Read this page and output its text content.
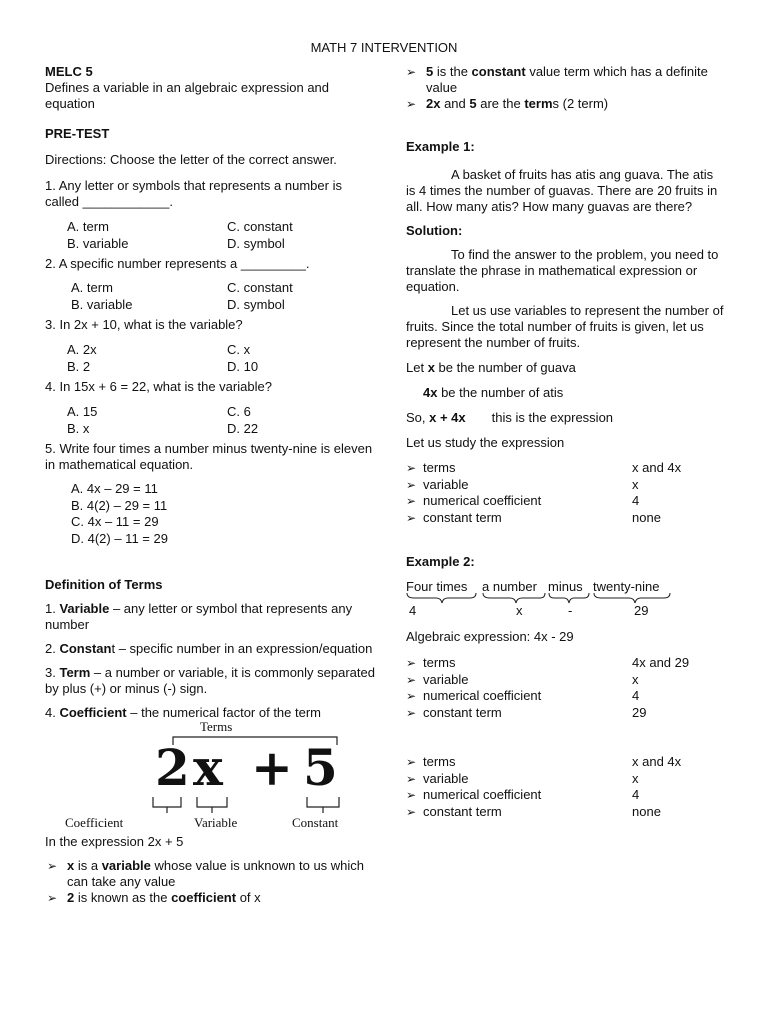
MATH 7 INTERVENTION

MELC 5

Defines a variable in an algebraic expression and equation

PRE-TEST

Directions: Choose the letter of the correct answer.

1. Any letter or symbols that represents a number is called ____________.

A. term	C. constant
B. variable	D. symbol

2. A specific number represents a _________.

A. term	C. constant
B. variable	D. symbol

3. In 2x + 10, what is the variable?

A. 2x	C. x
B. 2	D. 10

4. In 15x + 6 = 22, what is the variable?

A. 15	C. 6
B. x	D. 22

5. Write four times a number minus twenty-nine is eleven in mathematical equation.

A. 4x – 29 = 11
B. 4(2) – 29 = 11
C. 4x – 11 = 29
D. 4(2) – 11 = 29

Definition of Terms

1. Variable – any letter or symbol that represents any number

2. Constant – specific number in an expression/equation

3. Term – a number or variable, it is commonly separated by plus (+) or minus (-) sign.

4. Coefficient – the numerical factor of the term

Terms
2 x + 5
Coefficient	Variable	Constant

In the expression 2x + 5

➢ x is a variable whose value is unknown to us which can take any value

➢ 2 is known as the coefficient of x

➢ 5 is the constant value term which has a definite value

➢ 2x and 5 are the terms (2 term)

Example 1:

A basket of fruits has atis ang guava. The atis is 4 times the number of guavas. There are 20 fruits in all. How many atis? How many guavas are there?

Solution:

To find the answer to the problem, you need to translate the phrase in mathematical expression or equation.

Let us use variables to represent the number of fruits. Since the total number of fruits is given, let us represent the number of fruits.

Let x be the number of guava

4x be the number of atis

So, x + 4x this is the expression

Let us study the expression

➢ terms	x and 4x
➢ variable	x
➢ numerical coefficient	4
➢ constant term	none

Example 2:

Four times a number minus twenty-nine
4	x	-	29

Algebraic expression: 4x - 29

➢ terms	4x and 29
➢ variable	x
➢ numerical coefficient	4
➢ constant term	29
➢ terms	x and 4x
➢ variable	x
➢ numerical coefficient	4
➢ constant term	none
